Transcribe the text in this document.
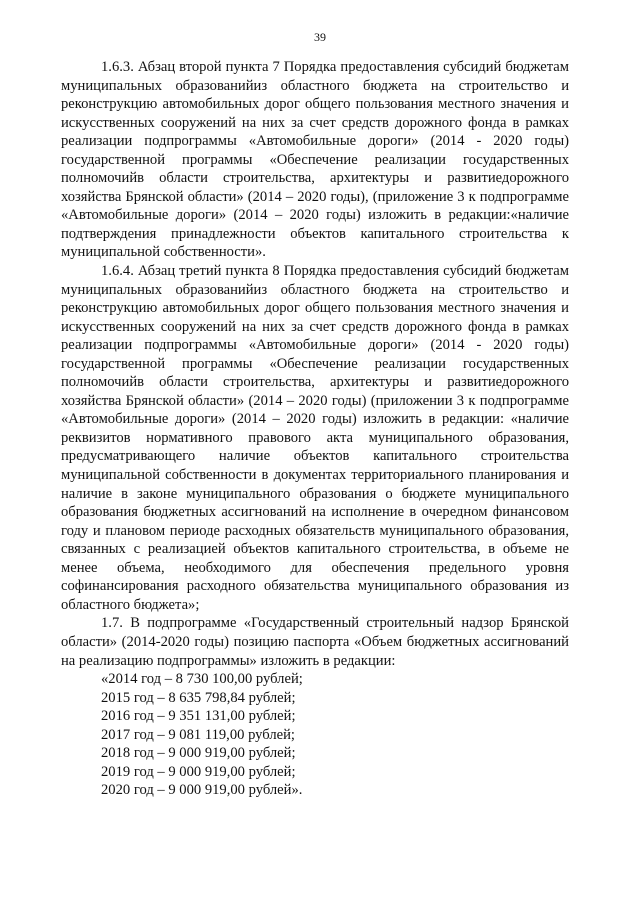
39

1.6.3. Абзац второй пункта 7 Порядка предоставления субсидий бюджетам муниципальных образованийиз областного бюджета на строительство и реконструкцию автомобильных дорог общего пользования местного значения и искусственных сооружений на них за счет средств дорожного фонда в рамках реализации подпрограммы «Автомобильные дороги» (2014 - 2020 годы) государственной программы «Обеспечение реализации государственных полномочийв области строительства, архитектуры и развитиедорожного хозяйства Брянской области» (2014 – 2020 годы), (приложение 3 к подпрограмме «Автомобильные дороги» (2014 – 2020 годы) изложить в редакции:«наличие подтверждения принадлежности объектов капитального строительства к муниципальной собственности».

1.6.4. Абзац третий пункта 8 Порядка предоставления субсидий бюджетам муниципальных образованийиз областного бюджета на строительство и реконструкцию автомобильных дорог общего пользования местного значения и искусственных сооружений на них за счет средств дорожного фонда в рамках реализации подпрограммы «Автомобильные дороги» (2014 - 2020 годы) государственной программы «Обеспечение реализации государственных полномочийв области строительства, архитектуры и развитиедорожного хозяйства Брянской области» (2014 – 2020 годы) (приложении 3 к подпрограмме «Автомобильные дороги» (2014 – 2020 годы) изложить в редакции: «наличие реквизитов нормативного правового акта муниципального образования, предусматривающего наличие объектов капитального строительства муниципальной собственности в документах территориального планирования и наличие в законе муниципального образования о бюджете муниципального образования бюджетных ассигнований на исполнение в очередном финансовом году и плановом периоде расходных обязательств муниципального образования, связанных с реализацией объектов капитального строительства, в объеме не менее объема, необходимого для обеспечения предельного уровня софинансирования расходного обязательства муниципального образования из областного бюджета»;

1.7. В подпрограмме «Государственный строительный надзор Брянской области» (2014-2020 годы) позицию паспорта «Объем бюджетных ассигнований на реализацию подпрограммы» изложить в редакции:

«2014 год – 8 730 100,00 рублей;
2015 год – 8 635 798,84 рублей;
2016 год – 9 351 131,00 рублей;
2017 год – 9 081 119,00 рублей;
2018 год – 9 000 919,00 рублей;
2019 год – 9 000 919,00 рублей;
2020 год – 9 000 919,00 рублей».
